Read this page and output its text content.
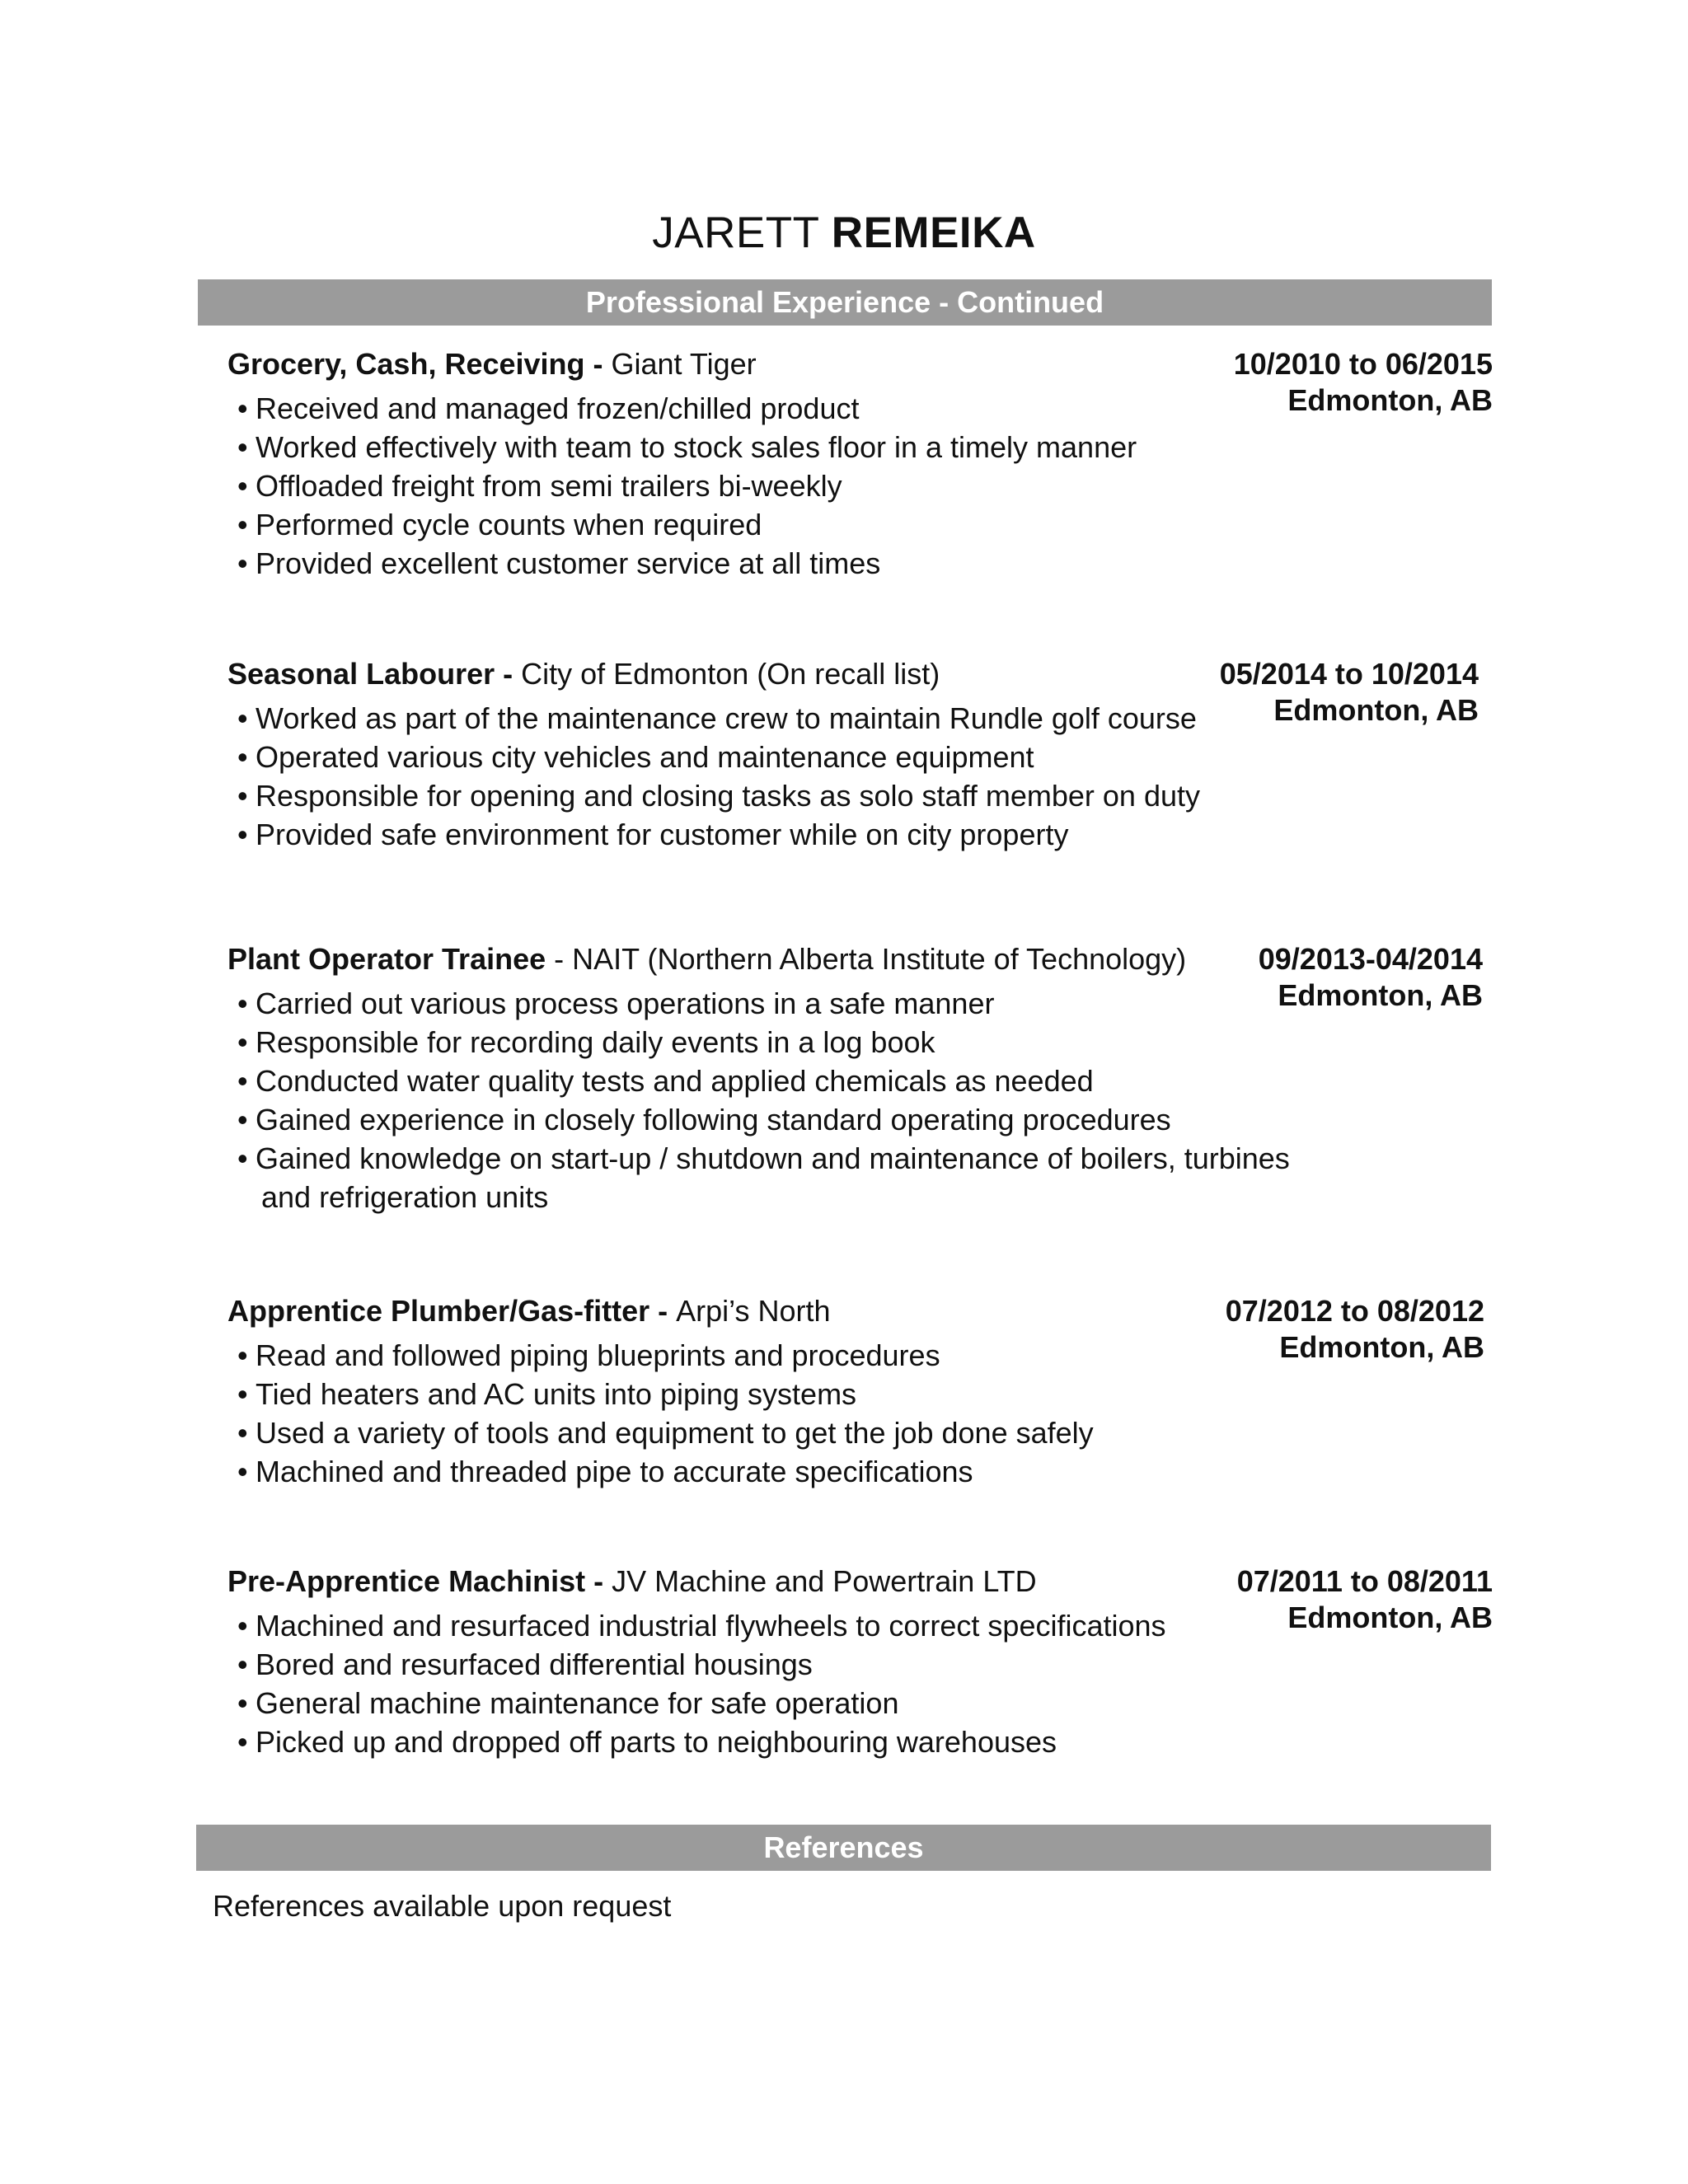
JARETT REMEIKA
Professional Experience - Continued
Grocery, Cash, Receiving - Giant Tiger	10/2010 to 06/2015
Edmonton, AB
• Received and managed frozen/chilled product
• Worked effectively with team to stock sales floor in a timely manner
• Offloaded freight from semi trailers bi-weekly
• Performed cycle counts when required
• Provided excellent customer service at all times
Seasonal Labourer - City of Edmonton (On recall list)	05/2014 to 10/2014
Edmonton, AB
• Worked as part of the maintenance crew to maintain Rundle golf course
• Operated various city vehicles and maintenance equipment
• Responsible for opening and closing tasks as solo staff member on duty
• Provided safe environment for customer while on city property
Plant Operator Trainee - NAIT (Northern Alberta Institute of Technology)	09/2013-04/2014
Edmonton, AB
• Carried out various process operations in a safe manner
• Responsible for recording daily events in a log book
• Conducted water quality tests and applied chemicals as needed
• Gained experience in closely following standard operating procedures
• Gained knowledge on start-up / shutdown and maintenance of boilers, turbines
and refrigeration units
Apprentice Plumber/Gas-fitter - Arpi’s North	07/2012 to 08/2012
Edmonton, AB
• Read and followed piping blueprints and procedures
• Tied heaters and AC units into piping systems
• Used a variety of tools and equipment to get the job done safely
• Machined and threaded pipe to accurate specifications
Pre-Apprentice Machinist - JV Machine and Powertrain LTD	07/2011 to 08/2011
Edmonton, AB
• Machined and resurfaced industrial flywheels to correct specifications
• Bored and resurfaced differential housings
• General machine maintenance for safe operation
• Picked up and dropped off parts to neighbouring warehouses
References
References available upon request
